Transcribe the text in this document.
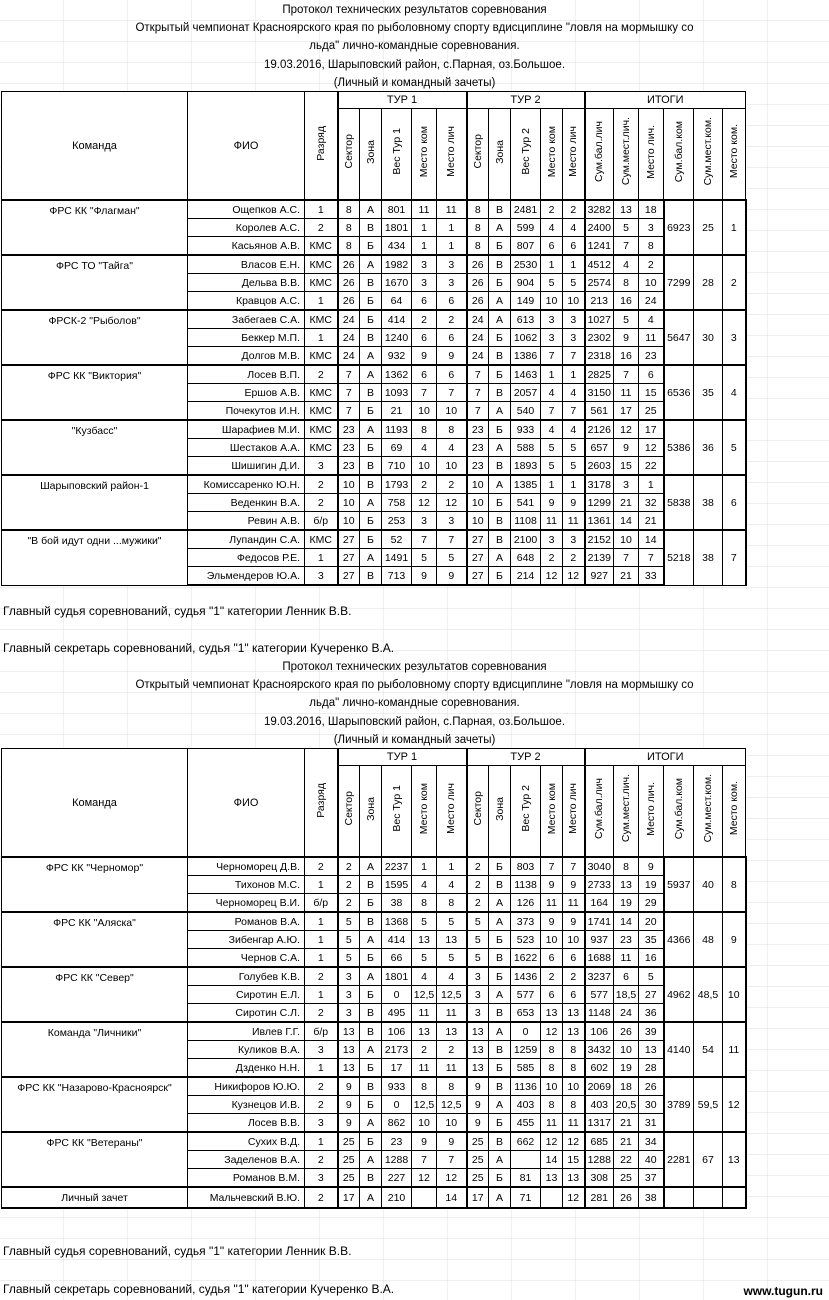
Протокол технических результатов соревнования
Открытый чемпионат Красноярского края по рыболовному спорту вдисциплине "ловля на мормышку со
льда" лично-командные соревнования.
19.03.2016, Шарыповский район, с.Парная, оз.Большое.
(Личный и командный зачеты)
Команда	ФИО	Разряд	ТУР 1					ТУР 2					ИТОГИ					
			Сектор	Зона	Вес Тур 1	Место ком	Место лич	Сектор	Зона	Вес Тур 2	Место ком	Место лич	Сум.бал.лич	Сум.мест.лич.	Место лич.	Сум.бал.ком	Сум.мест.ком.	Место ком.
ФРС КК "Флагман"	Ощепков А.С.	1	8	А	801	11	11	8	В	2481	2	2	3282	13	18	6923	25	1
	Королев А.С.	2	8	В	1801	1	1	8	А	599	4	4	2400	5	3			
	Касьянов А.В.	КМС	8	Б	434	1	1	8	Б	807	6	6	1241	7	8			
ФРС ТО "Тайга"	Власов Е.Н.	КМС	26	А	1982	3	3	26	В	2530	1	1	4512	4	2	7299	28	2
	Дельва В.В.	КМС	26	В	1670	3	3	26	Б	904	5	5	2574	8	10			
	Кравцов А.С.	1	26	Б	64	6	6	26	А	149	10	10	213	16	24			
ФРСК-2 "Рыболов"	Забегаев С.А.	КМС	24	Б	414	2	2	24	А	613	3	3	1027	5	4	5647	30	3
	Беккер М.П.	1	24	В	1240	6	6	24	Б	1062	3	3	2302	9	11			
	Долгов М.В.	КМС	24	А	932	9	9	24	В	1386	7	7	2318	16	23			
ФРС КК "Виктория"	Лосев В.П.	2	7	А	1362	6	6	7	Б	1463	1	1	2825	7	6	6536	35	4
	Ершов А.В.	КМС	7	В	1093	7	7	7	В	2057	4	4	3150	11	15			
	Почекутов И.Н.	КМС	7	Б	21	10	10	7	А	540	7	7	561	17	25			
"Кузбасс"	Шарафиев М.И.	КМС	23	А	1193	8	8	23	Б	933	4	4	2126	12	17	5386	36	5
	Шестаков А.А.	КМС	23	Б	69	4	4	23	А	588	5	5	657	9	12			
	Шишигин Д.И.	3	23	В	710	10	10	23	В	1893	5	5	2603	15	22			
Шарыповский район-1	Комиссаренко Ю.Н.	2	10	В	1793	2	2	10	А	1385	1	1	3178	3	1	5838	38	6
	Веденкин В.А.	2	10	А	758	12	12	10	Б	541	9	9	1299	21	32			
	Ревин А.В.	б/р	10	Б	253	3	3	10	В	1108	11	11	1361	14	21			
"В бой идут одни ...мужики"	Лупандин С.А.	КМС	27	Б	52	7	7	27	В	2100	3	3	2152	10	14	5218	38	7
	Федосов Р.Е.	1	27	А	1491	5	5	27	А	648	2	2	2139	7	7			
	Эльмендеров Ю.А.	3	27	В	713	9	9	27	Б	214	12	12	927	21	33			
Главный судья соревнований, судья "1" категории Ленник В.В.
Главный секретарь соревнований, судья "1" категории Кучеренко В.А.
Протокол технических результатов соревнования
Открытый чемпионат Красноярского края по рыболовному спорту вдисциплине "ловля на мормышку со
льда" лично-командные соревнования.
19.03.2016, Шарыповский район, с.Парная, оз.Большое.
(Личный и командный зачеты)
Команда	ФИО	Разряд	ТУР 1					ТУР 2					ИТОГИ					
			Сектор	Зона	Вес Тур 1	Место ком	Место лич	Сектор	Зона	Вес Тур 2	Место ком	Место лич	Сум.бал.лич	Сум.мест.лич.	Место лич.	Сум.бал.ком	Сум.мест.ком.	Место ком.
ФРС КК "Черномор"	Черноморец Д.В.	2	2	А	2237	1	1	2	Б	803	7	7	3040	8	9	5937	40	8
	Тихонов М.С.	1	2	В	1595	4	4	2	В	1138	9	9	2733	13	19			
	Черноморец В.И.	б/р	2	Б	38	8	8	2	А	126	11	11	164	19	29			
ФРС КК "Аляска"	Романов В.А.	1	5	В	1368	5	5	5	А	373	9	9	1741	14	20	4366	48	9
	Зибенгар А.Ю.	1	5	А	414	13	13	5	Б	523	10	10	937	23	35			
	Чернов С.А.	1	5	Б	66	5	5	5	В	1622	6	6	1688	11	16			
ФРС КК "Север"	Голубев К.В.	2	3	А	1801	4	4	3	Б	1436	2	2	3237	6	5	4962	48,5	10
	Сиротин Е.Л.	1	3	Б	0	12,5	12,5	3	А	577	6	6	577	18,5	27			
	Сиротин С.Л.	2	3	В	495	11	11	3	В	653	13	13	1148	24	36			
Команда "Личники"	Ивлев Г.Г.	б/р	13	В	106	13	13	13	А	0	12	13	106	26	39	4140	54	11
	Куликов В.А.	3	13	А	2173	2	2	13	В	1259	8	8	3432	10	13			
	Дзденко Н.Н.	1	13	Б	17	11	11	13	Б	585	8	8	602	19	28			
ФРС КК "Назарово-Красноярск"	Никифоров Ю.Ю.	2	9	В	933	8	8	9	В	1136	10	10	2069	18	26	3789	59,5	12
	Кузнецов И.В.	2	9	Б	0	12,5	12,5	9	А	403	8	8	403	20,5	30			
	Лосев В.В.	3	9	А	862	10	10	9	Б	455	11	11	1317	21	31			
ФРС КК "Ветераны"	Сухих В.Д.	1	25	Б	23	9	9	25	В	662	12	12	685	21	34	2281	67	13
	Заделенов В.А.	2	25	А	1288	7	7	25	А		14	15	1288	22	40			
	Романов В.М.	3	25	В	227	12	12	25	Б	81	13	13	308	25	37			
Личный зачет	Мальчевский В.Ю.	2	17	А	210		14	17	А	71		12	281	26	38			
Главный судья соревнований, судья "1" категории Ленник В.В.
Главный секретарь соревнований, судья "1" категории Кучеренко В.А.	www.tugun.ru
